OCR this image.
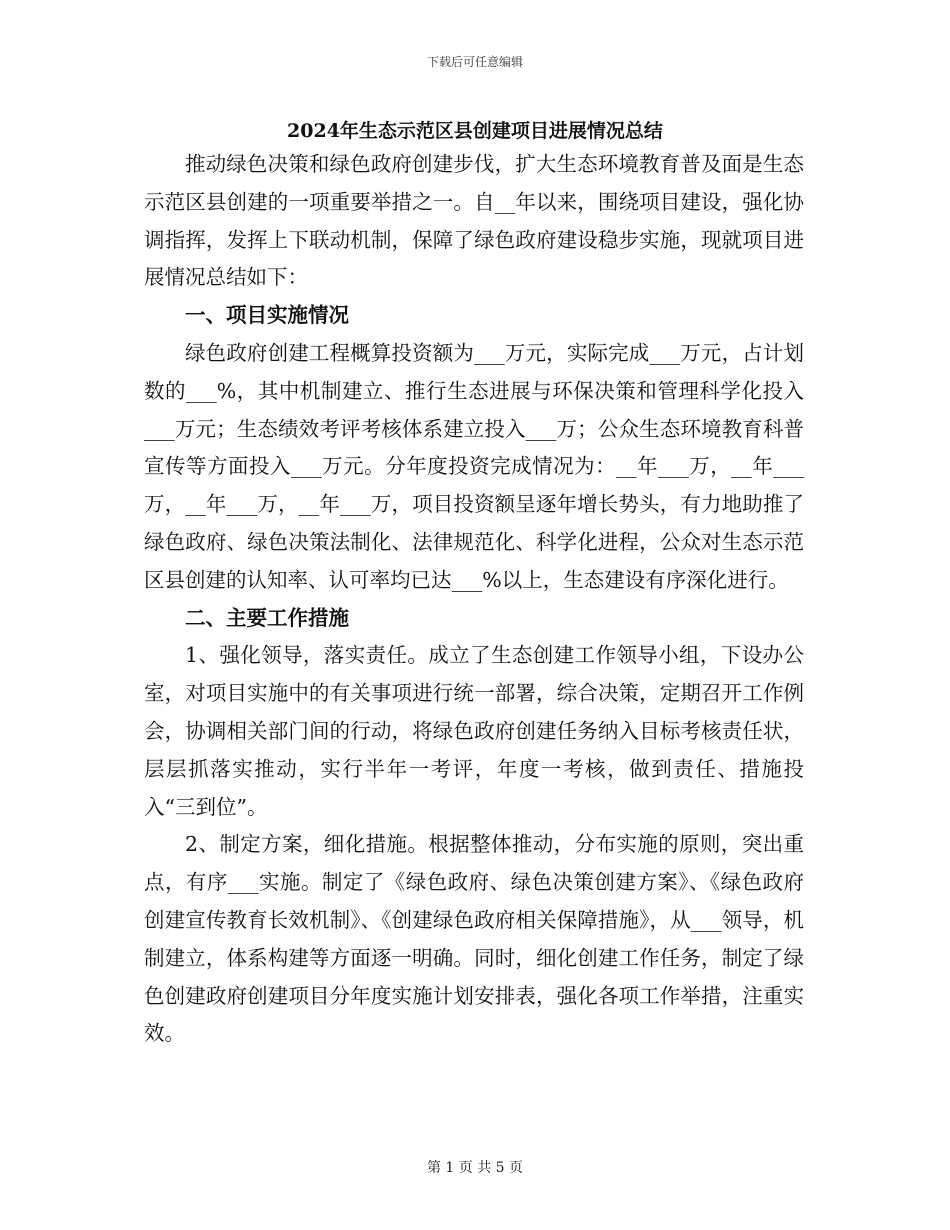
下载后可任意编辑
2024年生态示范区县创建项目进展情况总结

推动绿色决策和绿色政府创建步伐，扩大生态环境教育普及面是生态示范区县创建的一项重要举措之一。自__年以来，围绕项目建设，强化协调指挥，发挥上下联动机制，保障了绿色政府建设稳步实施，现就项目进展情况总结如下：

一、项目实施情况

绿色政府创建工程概算投资额为___万元，实际完成___万元，占计划数的___%，其中机制建立、推行生态进展与环保决策和管理科学化投入___万元；生态绩效考评考核体系建立投入___万；公众生态环境教育科普宣传等方面投入___万元。分年度投资完成情况为：__年___万，__年___万，__年___万，__年___万，项目投资额呈逐年增长势头，有力地助推了绿色政府、绿色决策法制化、法律规范化、科学化进程，公众对生态示范区县创建的认知率、认可率均已达___%以上，生态建设有序深化进行。

二、主要工作措施

1、强化领导，落实责任。成立了生态创建工作领导小组，下设办公室，对项目实施中的有关事项进行统一部署，综合决策，定期召开工作例会，协调相关部门间的行动，将绿色政府创建任务纳入目标考核责任状，层层抓落实推动，实行半年一考评，年度一考核，做到责任、措施投入“三到位”。

2、制定方案，细化措施。根据整体推动，分布实施的原则，突出重点，有序___实施。制定了《绿色政府、绿色决策创建方案》、《绿色政府创建宣传教育长效机制》、《创建绿色政府相关保障措施》，从___领导，机制建立，体系构建等方面逐一明确。同时，细化创建工作任务，制定了绿色创建政府创建项目分年度实施计划安排表，强化各项工作举措，注重实效。

第 1 页 共 5 页
